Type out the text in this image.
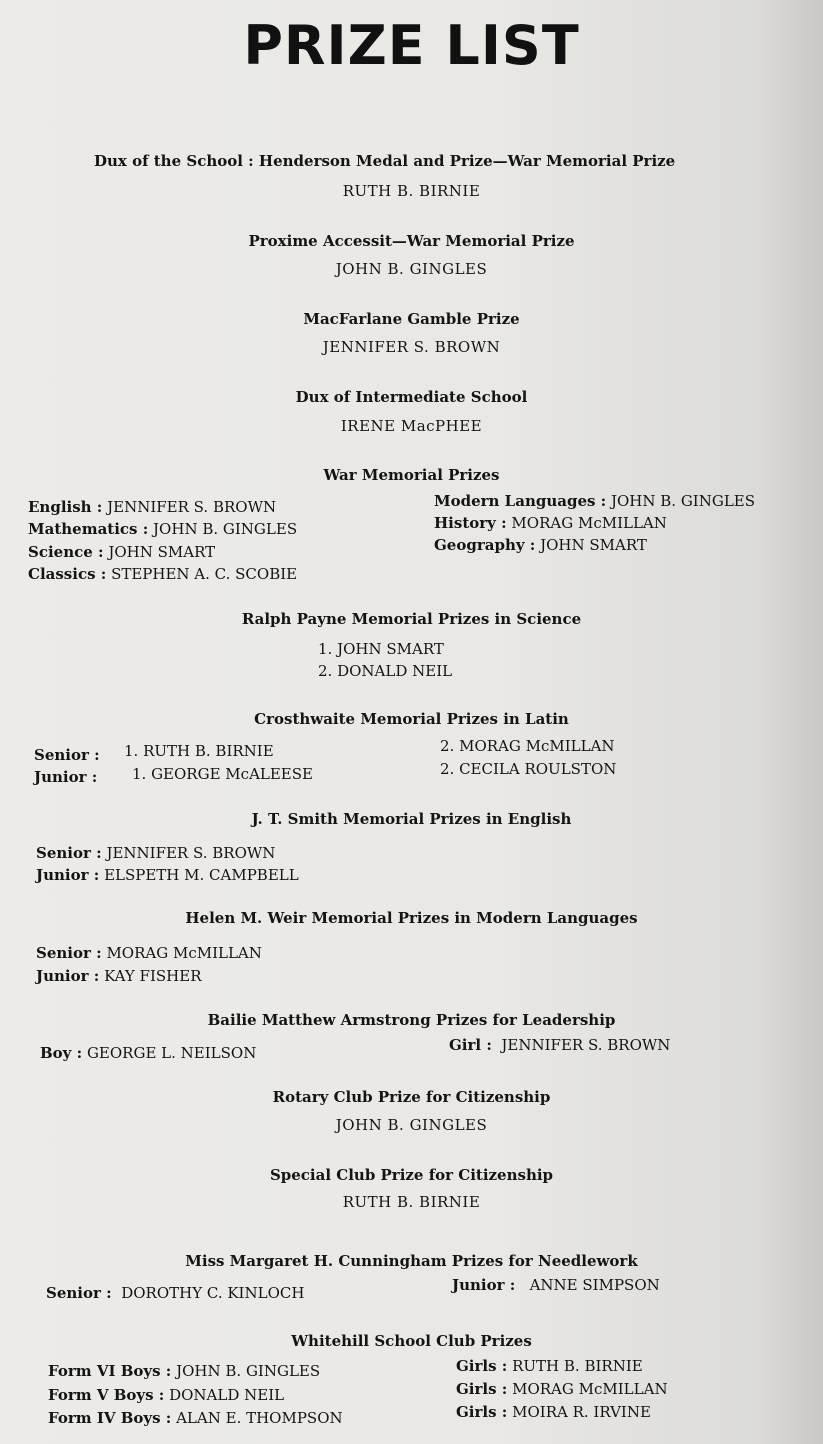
PRIZE LIST
Dux of the School : Henderson Medal and Prize—War Memorial Prize
RUTH B. BIRNIE
Proxime Accessit—War Memorial Prize
JOHN B. GINGLES
MacFarlane Gamble Prize
JENNIFER S. BROWN
Dux of Intermediate School
IRENE MacPHEE
War Memorial Prizes
English : JENNIFER S. BROWN
Mathematics : JOHN B. GINGLES
Science : JOHN SMART
Classics : STEPHEN A. C. SCOBIE
Modern Languages : JOHN B. GINGLES
History : MORAG McMILLAN
Geography : JOHN SMART
Ralph Payne Memorial Prizes in Science
1. JOHN SMART
2. DONALD NEIL
Crosthwaite Memorial Prizes in Latin
Senior : 1. RUTH B. BIRNIE	2. MORAG McMILLAN
Junior : 1. GEORGE McALEESE	2. CECILA ROULSTON
J. T. Smith Memorial Prizes in English
Senior : JENNIFER S. BROWN
Junior : ELSPETH M. CAMPBELL
Helen M. Weir Memorial Prizes in Modern Languages
Senior : MORAG McMILLAN
Junior : KAY FISHER
Bailie Matthew Armstrong Prizes for Leadership
Boy : GEORGE L. NEILSON	Girl : JENNIFER S. BROWN
Rotary Club Prize for Citizenship
JOHN B. GINGLES
Special Club Prize for Citizenship
RUTH B. BIRNIE
Miss Margaret H. Cunningham Prizes for Needlework
Senior : DOROTHY C. KINLOCH	Junior : ANNE SIMPSON
Whitehill School Club Prizes
Form VI Boys : JOHN B. GINGLES
Form V Boys : DONALD NEIL
Form IV Boys : ALAN E. THOMPSON
Girls : RUTH B. BIRNIE
Girls : MORAG McMILLAN
Girls : MOIRA R. IRVINE
